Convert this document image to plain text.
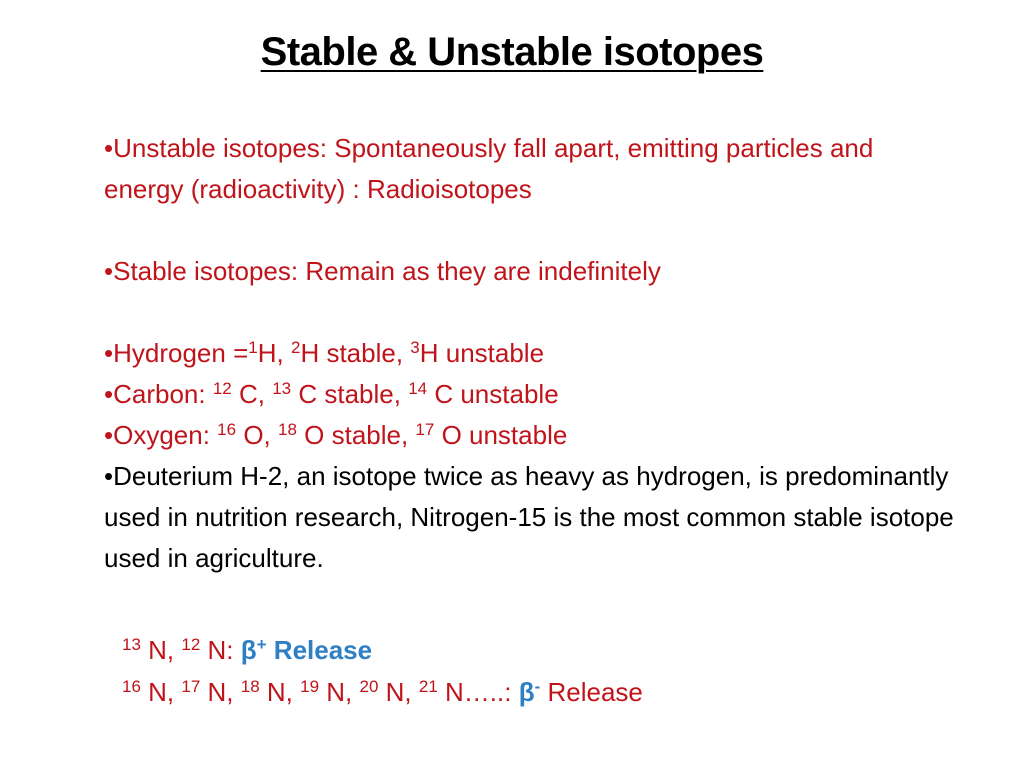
Stable & Unstable isotopes

•Unstable isotopes: Spontaneously fall apart, emitting particles and energy (radioactivity) : Radioisotopes

•Stable isotopes: Remain as they are indefinitely

•Hydrogen =$^1$H, $^2$H stable, $^3$H unstable

•Carbon: $^{12}$ C, $^{13}$ C stable, $^{14}$ C unstable

•Oxygen: $^{16}$ O, $^{18}$ O stable, $^{17}$ O unstable

•Deuterium H-2, an isotope twice as heavy as hydrogen, is predominantly used in nutrition research, Nitrogen-15 is the most common stable isotope used in agriculture.

$^{13}$ N, $^{12}$ N: β+ Release
$^{16}$ N, $^{17}$ N, $^{18}$ N, $^{19}$ N, $^{20}$ N, $^{21}$ N…..: β- Release
